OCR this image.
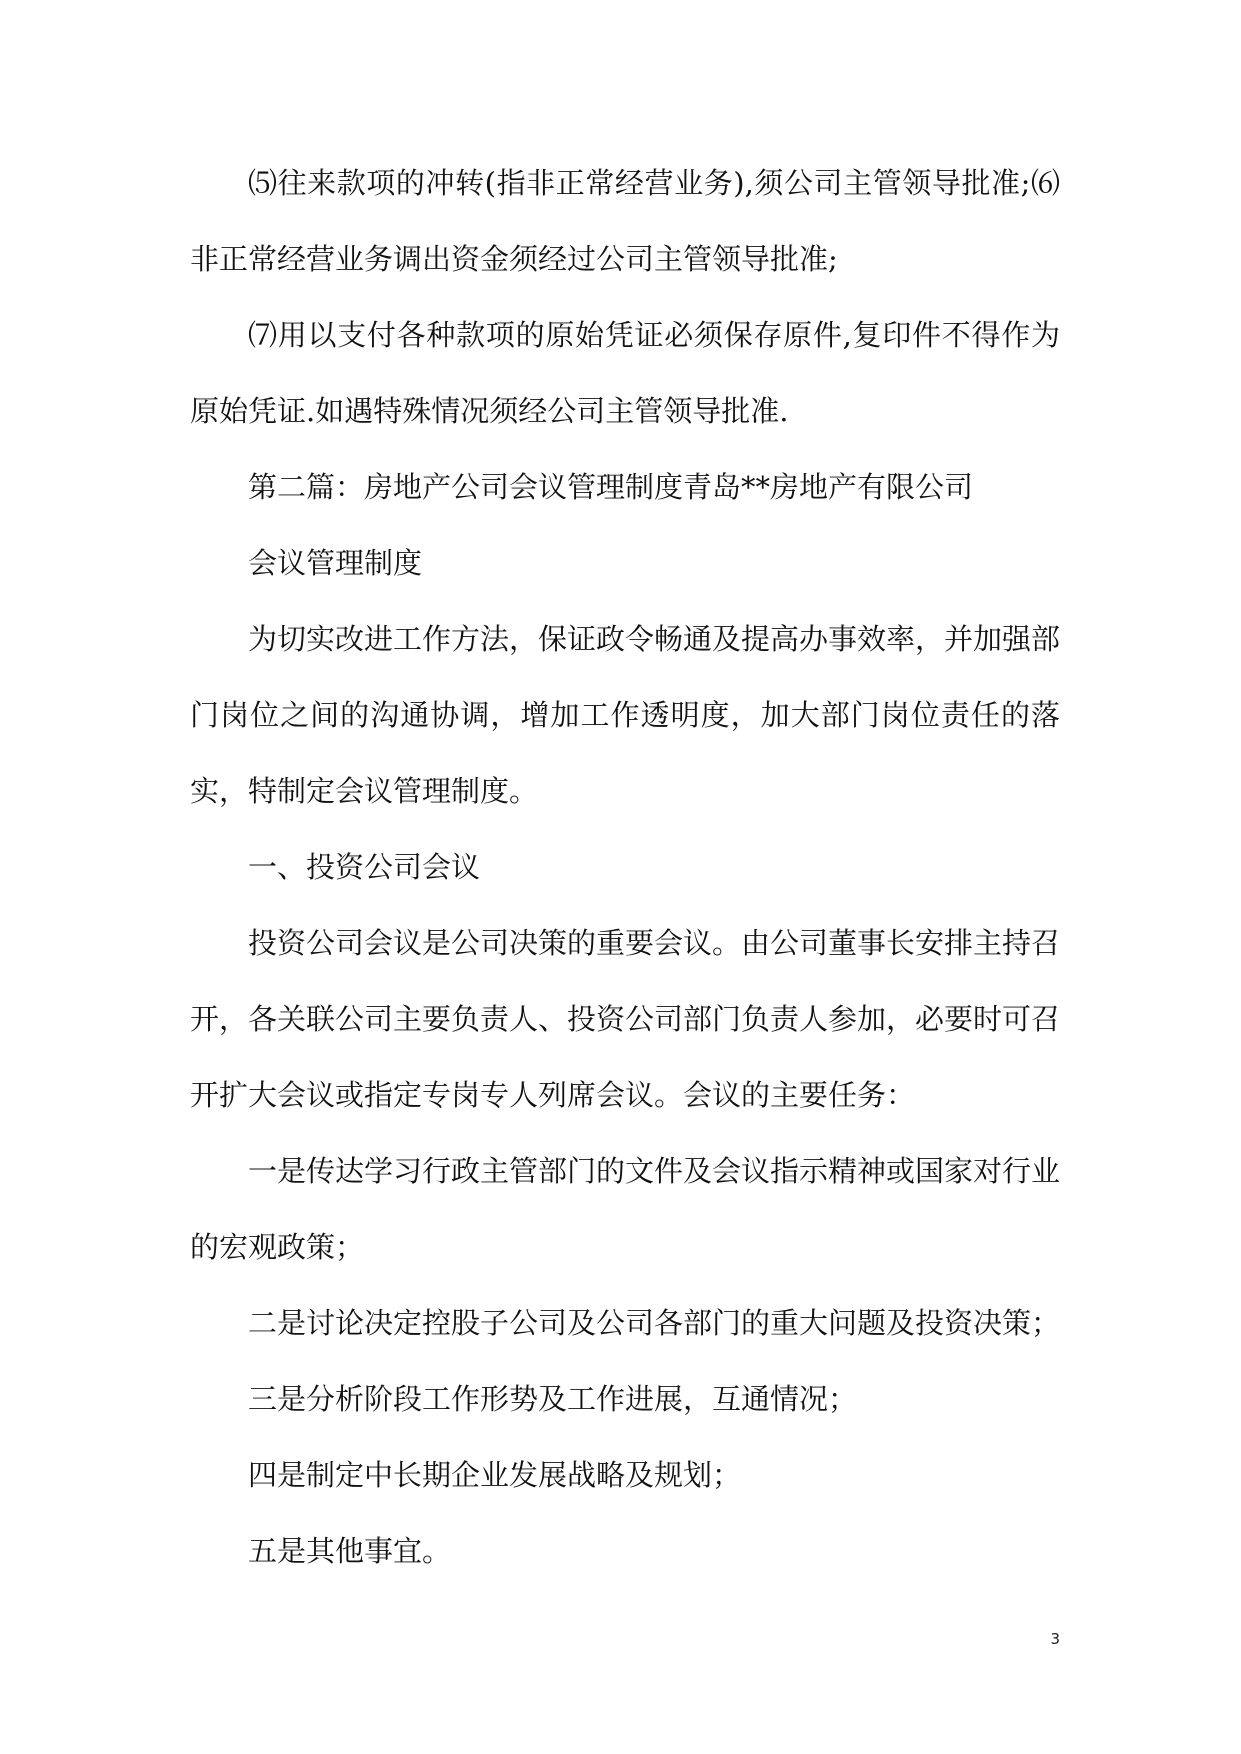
⑸往来款项的冲转(指非正常经营业务),须公司主管领导批准;⑹非正常经营业务调出资金须经过公司主管领导批准;

⑺用以支付各种款项的原始凭证必须保存原件,复印件不得作为原始凭证.如遇特殊情况须经公司主管领导批准.

第二篇：房地产公司会议管理制度青岛**房地产有限公司

会议管理制度

为切实改进工作方法，保证政令畅通及提高办事效率，并加强部门岗位之间的沟通协调，增加工作透明度，加大部门岗位责任的落实，特制定会议管理制度。

一、投资公司会议

投资公司会议是公司决策的重要会议。由公司董事长安排主持召开，各关联公司主要负责人、投资公司部门负责人参加，必要时可召开扩大会议或指定专岗专人列席会议。会议的主要任务：

一是传达学习行政主管部门的文件及会议指示精神或国家对行业的宏观政策；

二是讨论决定控股子公司及公司各部门的重大问题及投资决策；

三是分析阶段工作形势及工作进展，互通情况；

四是制定中长期企业发展战略及规划；

五是其他事宜。

3
